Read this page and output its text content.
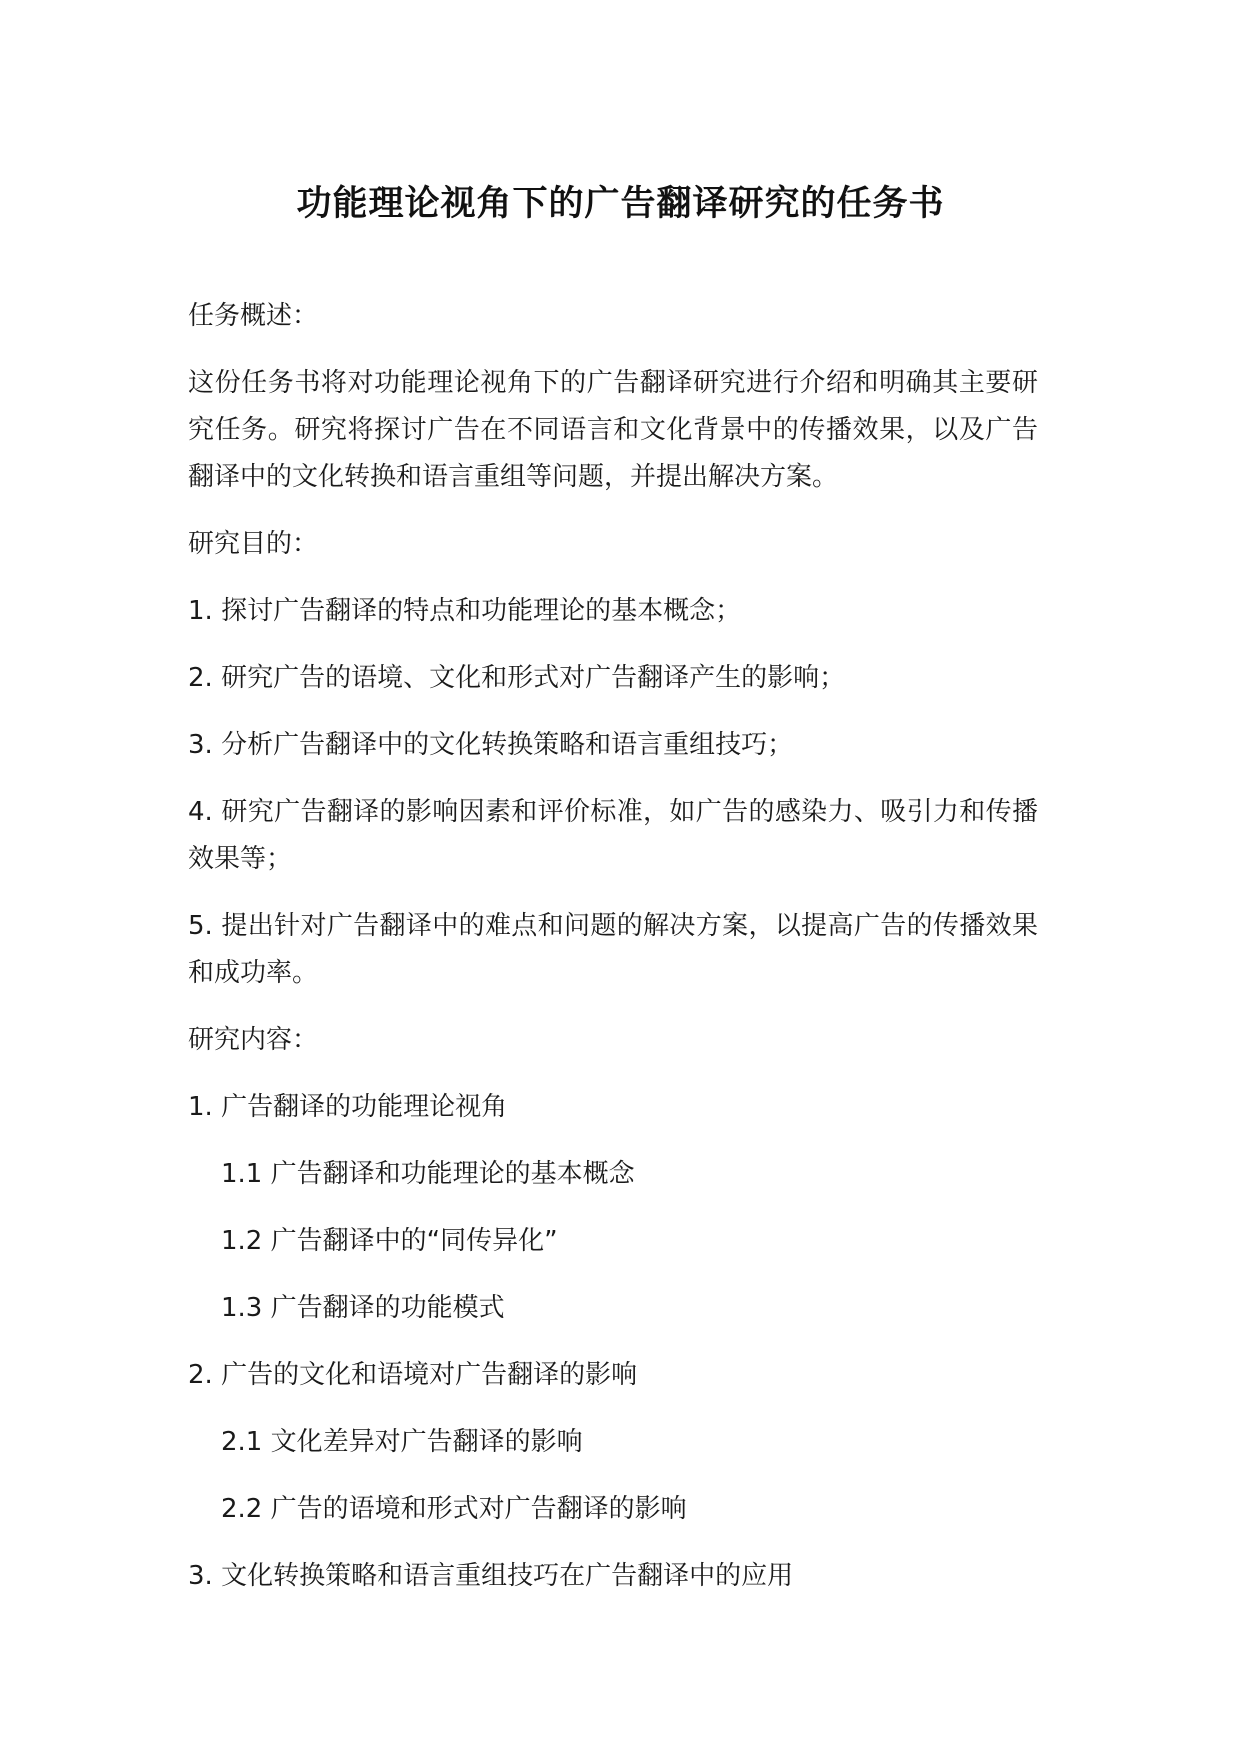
功能理论视角下的广告翻译研究的任务书

任务概述：

这份任务书将对功能理论视角下的广告翻译研究进行介绍和明确其主要研究任务。研究将探讨广告在不同语言和文化背景中的传播效果，以及广告翻译中的文化转换和语言重组等问题，并提出解决方案。

研究目的：

1. 探讨广告翻译的特点和功能理论的基本概念；

2. 研究广告的语境、文化和形式对广告翻译产生的影响；

3. 分析广告翻译中的文化转换策略和语言重组技巧；

4. 研究广告翻译的影响因素和评价标准，如广告的感染力、吸引力和传播效果等；

5. 提出针对广告翻译中的难点和问题的解决方案，以提高广告的传播效果和成功率。

研究内容：

1. 广告翻译的功能理论视角

1.1 广告翻译和功能理论的基本概念

1.2 广告翻译中的“同传异化”

1.3 广告翻译的功能模式

2. 广告的文化和语境对广告翻译的影响

2.1 文化差异对广告翻译的影响

2.2 广告的语境和形式对广告翻译的影响

3. 文化转换策略和语言重组技巧在广告翻译中的应用
